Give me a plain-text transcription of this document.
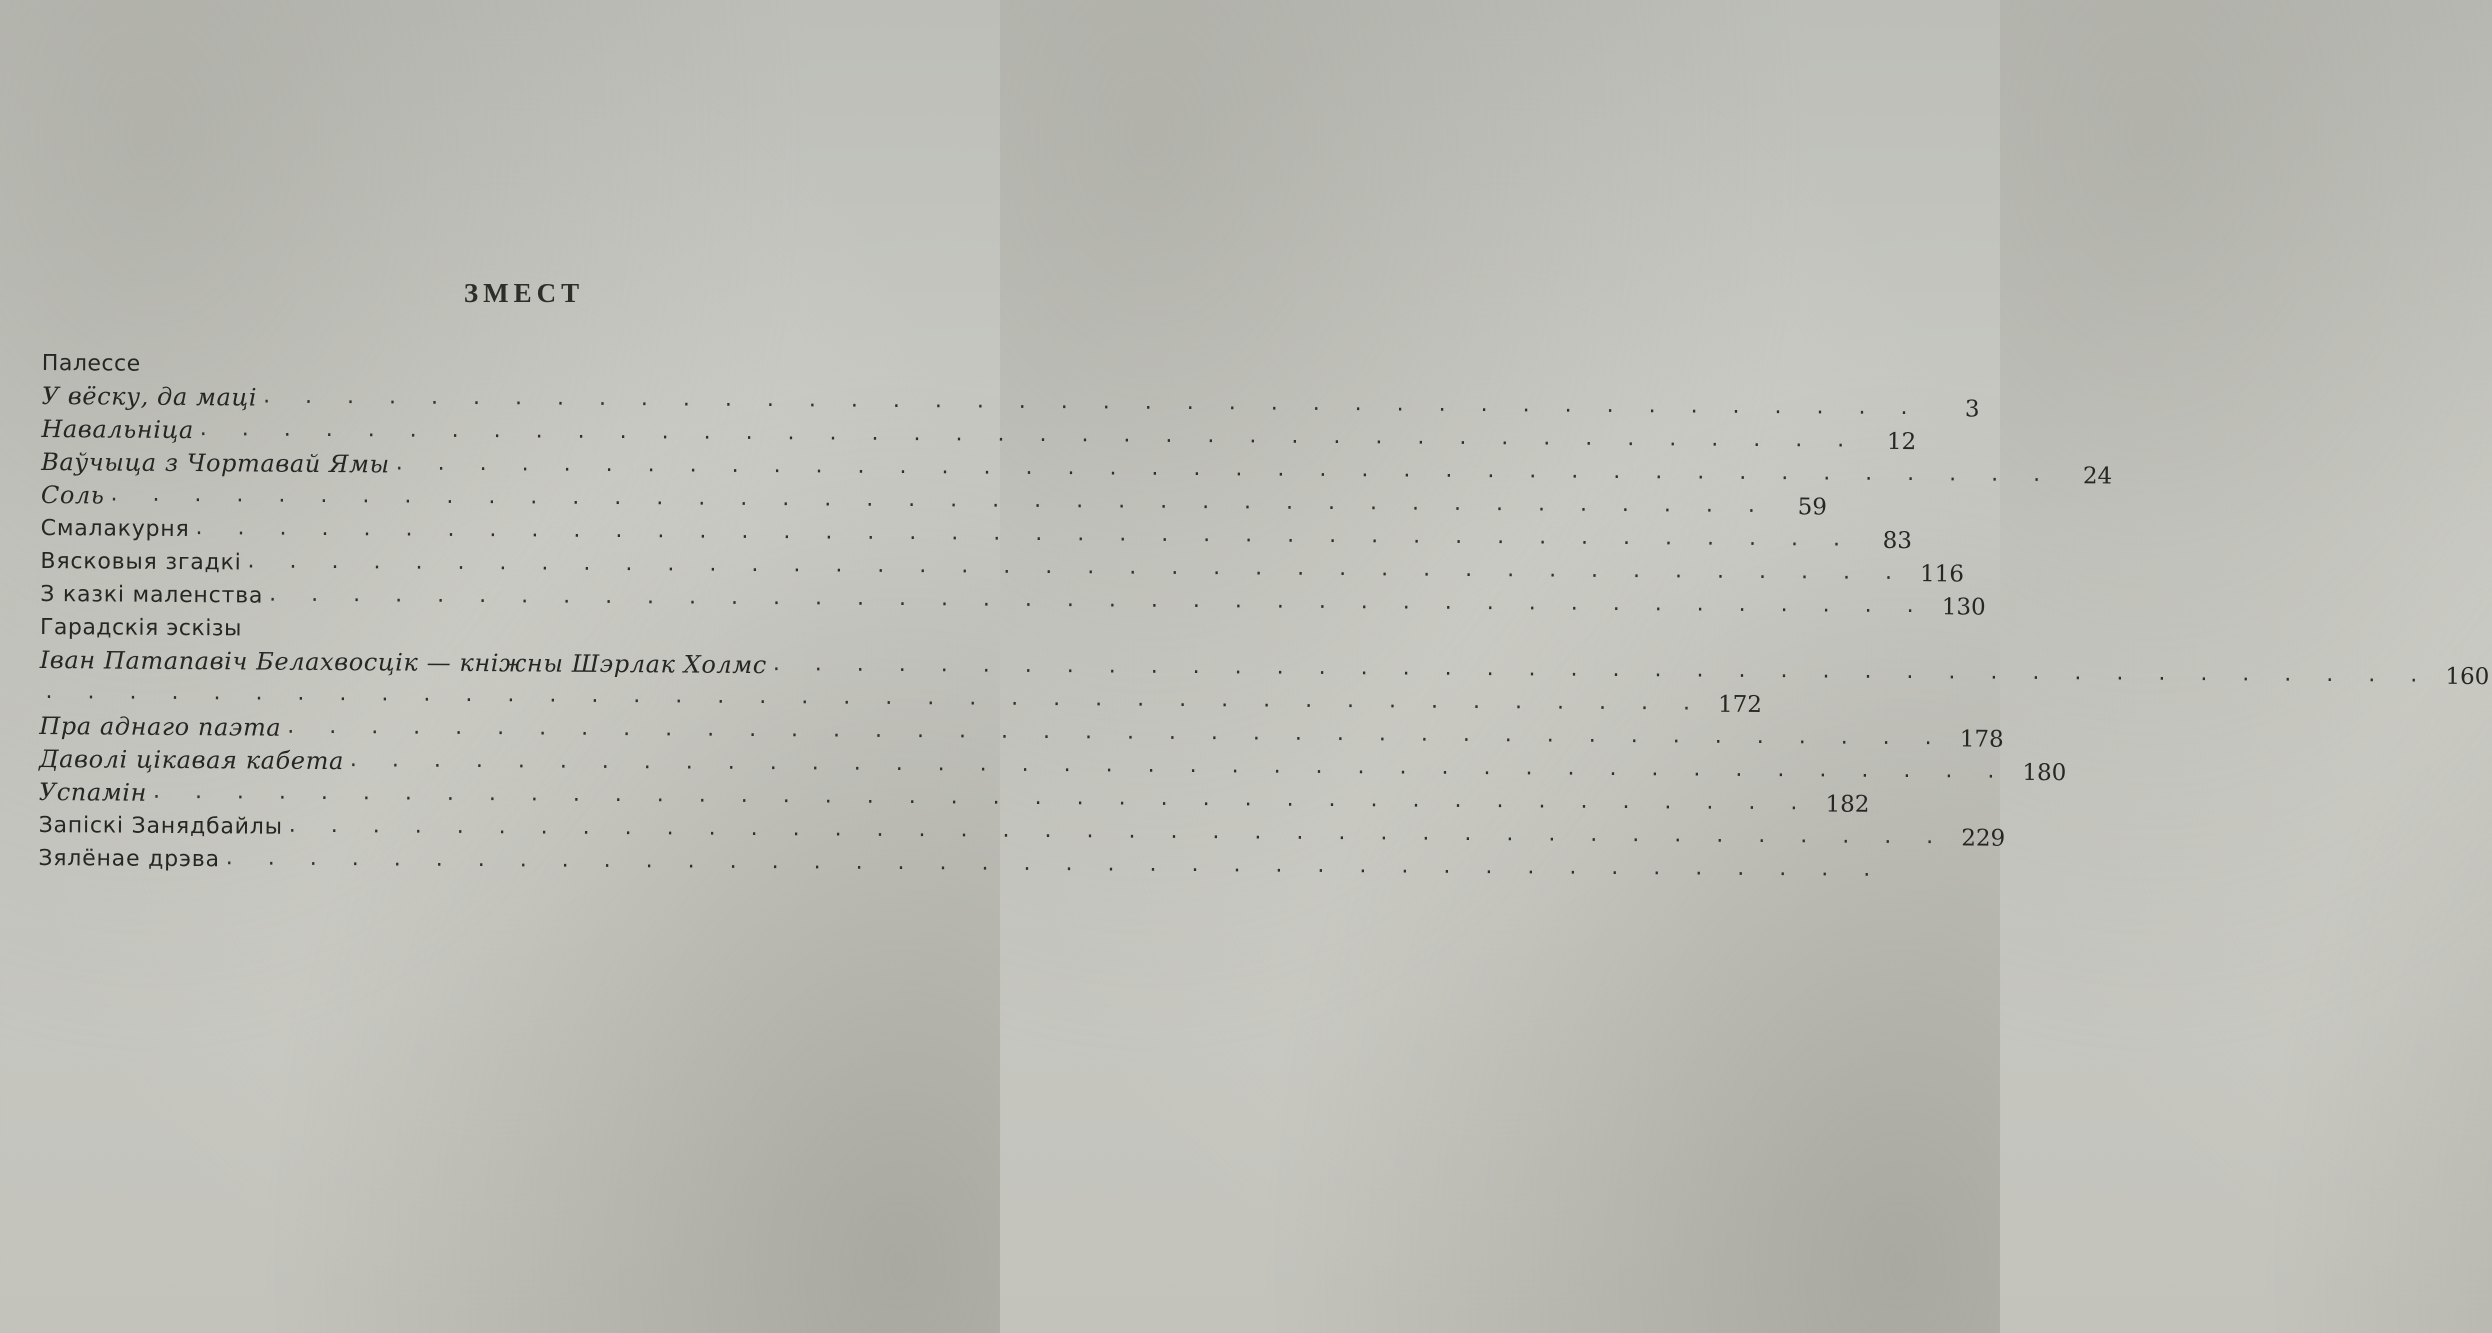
ЗМЕСТ
Палессе
У вёску, да маці . . . . . . . . . . . . . . . . . . . . . . . . . . . . . . . . . . . . . . . .	3
Навальніца . . . . . . . . . . . . . . . . . . . . . . . . . . . . . . . . . . . . . . . .	12
Ваўчыца з Чортавай Ямы . . . . . . . . . . . . . . . . . . . . . . . . . . . . . . . . . . . . . . . .	24
Соль . . . . . . . . . . . . . . . . . . . . . . . . . . . . . . . . . . . . . . . .	59
Смалакурня . . . . . . . . . . . . . . . . . . . . . . . . . . . . . . . . . . . . . . . .	83
Вясковыя згадкі . . . . . . . . . . . . . . . . . . . . . . . . . . . . . . . . . . . . . . . . 116
З казкі маленства . . . . . . . . . . . . . . . . . . . . . . . . . . . . . . . . . . . . . . . . 130
Гарадскія эскізы
Іван Патапавіч Белахвосцік — кніжны Шэрлак Холмс . . . . . . . . . . . . . . . . . . . . . . . . . . . . . . . . . . . . . . . . 160
. . . . . . . . . . . . . . . . . . . . . . . . . . . . . . . . . . . . . . . . 172
Пра аднаго паэта . . . . . . . . . . . . . . . . . . . . . . . . . . . . . . . . . . . . . . . . 178
Даволі цікавая кабета . . . . . . . . . . . . . . . . . . . . . . . . . . . . . . . . . . . . . . . . 180
Успамін . . . . . . . . . . . . . . . . . . . . . . . . . . . . . . . . . . . . . . . . 182
Запіскі Занядбайлы . . . . . . . . . . . . . . . . . . . . . . . . . . . . . . . . . . . . . . . . 229
Зялёнае дрэва . . . . . . . . . . . . . . . . . . . . . . . . . . . . . . . . . . . . . . . .
